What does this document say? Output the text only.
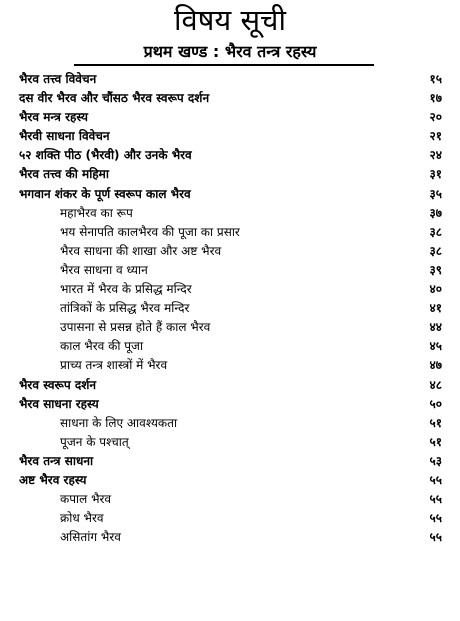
विषय सूची
प्रथम खण्ड : भैरव तन्त्र रहस्य
भैरव तत्त्व विवेचन	१५
दस वीर भैरव और चौंसठ भैरव स्वरूप दर्शन	१७
भैरव मन्त्र रहस्य	२०
भैरवी साधना विवेचन	२१
५२ शक्ति पीठ (भैरवी) और उनके भैरव	२४
भैरव तत्त्व की महिमा	३१
भगवान शंकर के पूर्ण स्वरूप काल भैरव	३५
महाभैरव का रूप	३७
भय सेनापति कालभैरव की पूजा का प्रसार	३८
भैरव साधना की शाखा और अष्ट भैरव	३८
भैरव साधना व ध्यान	३९
भारत में भैरव के प्रसिद्ध मन्दिर	४०
तांत्रिकों के प्रसिद्ध भैरव मन्दिर	४१
उपासना से प्रसन्न होते हैं काल भैरव	४४
काल भैरव की पूजा	४५
प्राच्य तन्त्र शास्त्रों में भैरव	४७
भैरव स्वरूप दर्शन	४८
भैरव साधना रहस्य	५०
साधना के लिए आवश्यकता	५१
पूजन के पश्चात्	५१
भैरव तन्त्र साधना	५३
अष्ट भैरव रहस्य	५५
कपाल भैरव	५५
क्रोध भैरव	५५
असितांग भैरव	५५
